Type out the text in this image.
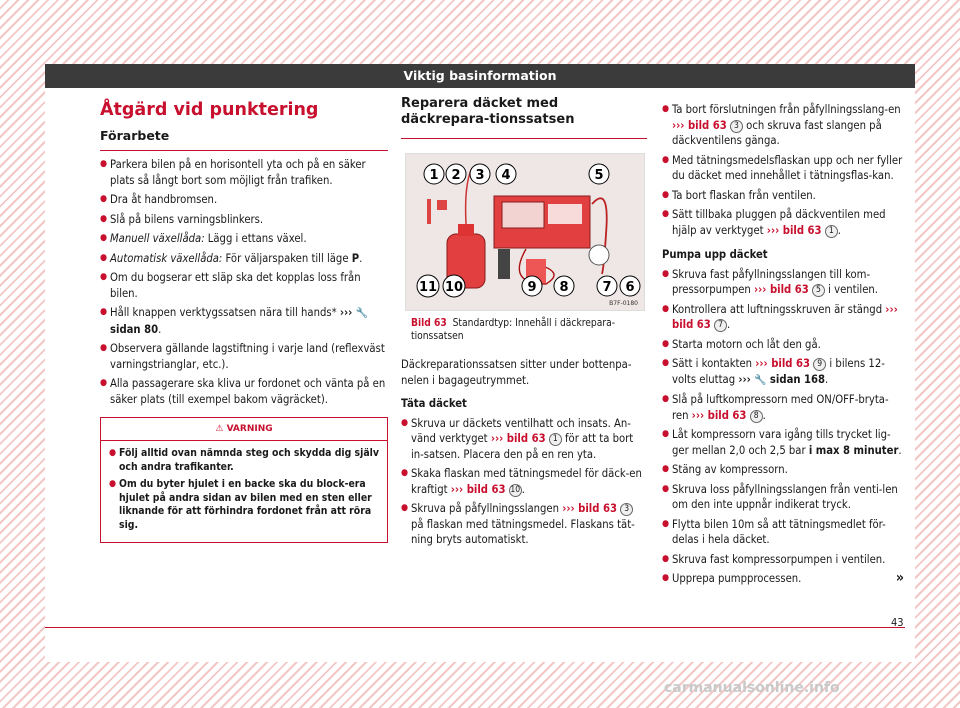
Viktig basinformation
Åtgärd vid punktering
Förarbete
● Parkera bilen på en horisontell yta och på en säker plats så långt bort som möjligt från trafiken.
● Dra åt handbromsen.
● Slå på bilens varningsblinkers.
● Manuell växellåda: Lägg i ettans växel.
● Automatisk växellåda: För väljarspaken till läge P.
● Om du bogserar ett släp ska det kopplas loss från bilen.
● Håll knappen verktygssatsen nära till hands* ››› 🔧 sidan 80.
● Observera gällande lagstiftning i varje land (reflexväst varningstrianglar, etc.).
● Alla passagerare ska kliva ur fordonet och vänta på en säker plats (till exempel bakom vägräcket).
⚠ VARNING
● Följ alltid ovan nämnda steg och skydda dig själv och andra trafikanter.
● Om du byter hjulet i en backe ska du block-era hjulet på andra sidan av bilen med en sten eller liknande för att förhindra fordonet från att röra sig.
Reparera däcket med däckrepara-tionssatsen
1 2 3 4	5
11 10	9 8	7 6
B7F-0180
Bild 63 Standardtyp: Innehåll i däckrepara-tionssatsen

Däckreparationssatsen sitter under bottenpa-nelen i bagageutrymmet.

Täta däcket

● Skruva ur däckets ventilhatt och insats. An-vänd verktyget ››› bild 63 1 för att ta bort in-satsen. Placera den på en ren yta.
● Skaka flaskan med tätningsmedel för däck-en kraftigt ››› bild 63 10 .
● Skruva på påfyllningsslangen ››› bild 63 3 på flaskan med tätningsmedel. Flaskans tät-ning bryts automatiskt.
● Ta bort förslutningen från påfyllningsslang-en ››› bild 63 3 och skruva fast slangen på däckventilens gänga.
● Med tätningsmedelsflaskan upp och ner fyller du däcket med innehållet i tätningsflas-kan.
● Ta bort flaskan från ventilen.
● Sätt tillbaka pluggen på däckventilen med hjälp av verktyget ››› bild 63 1 .

Pumpa upp däcket

● Skruva fast påfyllningsslangen till kom-pressorpumpen ››› bild 63 5 i ventilen.
● Kontrollera att luftningsskruven är stängd ››› bild 63 7 .
● Starta motorn och låt den gå.
● Sätt i kontakten ››› bild 63 9 i bilens 12-volts eluttag ››› 🔧 sidan 168.
● Slå på luftkompressorn med ON/OFF-bryta-ren ››› bild 63 8 .
● Låt kompressorn vara igång tills trycket lig-ger mellan 2,0 och 2,5 bar i max 8 minuter.
● Stäng av kompressorn.
● Skruva loss påfyllningsslangen från venti-len om den inte uppnår indikerat tryck.
● Flytta bilen 10m så att tätningsmedlet för-delas i hela däcket.
● Skruva fast kompressorpumpen i ventilen.
● Upprepa pumpprocessen.	»
43
carmanualsonline.info
